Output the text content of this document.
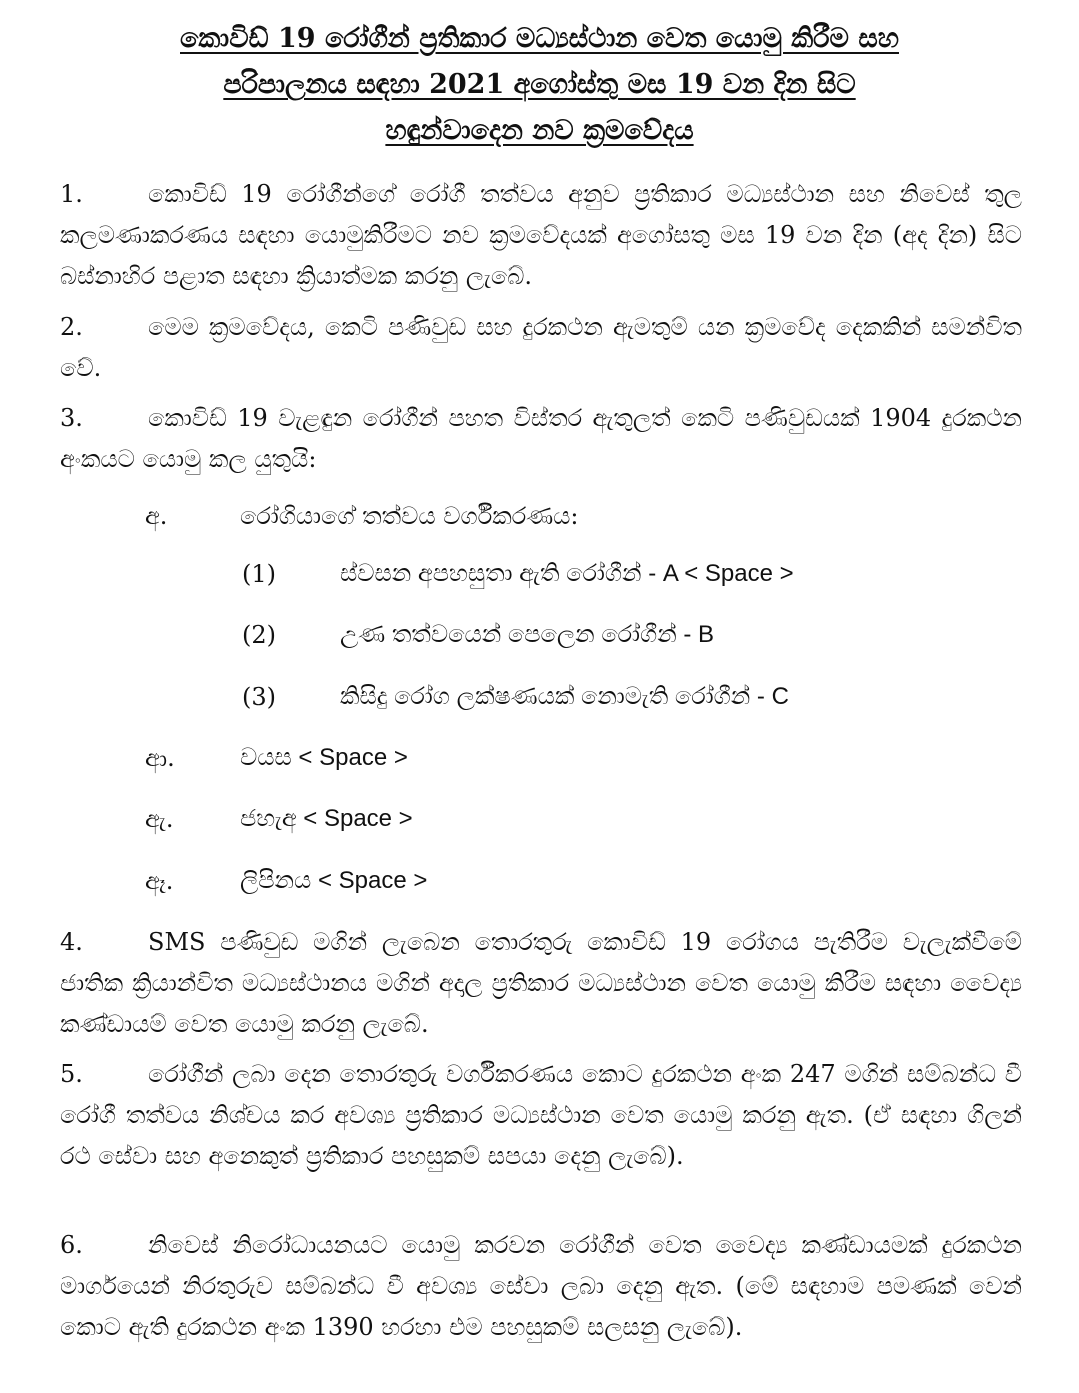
කොවිඩ් 19 රෝගීන් ප්‍රතිකාර මධ්‍යස්ථාන වෙත යොමු කිරීම සහ
පරිපාලනය සඳහා 2021 අගෝස්තු මස 19 වන දින සිට
හඳුන්වාදෙන නව ක්‍රමවේදය
1.	කොවිඩ් 19 රෝගීන්ගේ රෝගී තත්වය අනුව ප්‍රතිකාර මධ්‍යස්ථාන සහ නිවෙස් තුල කලමණාකරණය සඳහා යොමුකිරීමට නව ක්‍රමවේදයක් අගෝසතු මස 19 වන දින (අද දින) සිට බස්නාහිර පළාත සඳහා ක්‍රියාත්මක කරනු ලැබේ.
2.	මෙම ක්‍රමවේදය, කෙටි පණිවුඩ සහ දුරකථන ඇමතුම් යන ක්‍රමවේද දෙකකින් සමන්විත වේ.
3.	කොවිඩ් 19 වැළඳුන රෝගීන් පහත විස්තර ඇතුලත් කෙටි පණිවුඩයක් 1904 දුරකථන අංකයට යොමු කල යුතුයි:
අ.	රෝගියාගේ තත්වය වර්ගීකරණය:
(1)	ස්වසන අපහසුතා ඇති රෝගීන් - A < Space >
(2)	උණ තත්වයෙන් පෙලෙන රෝගීන් - B
(3)	කිසිදු රෝග ලක්ෂණයක් නොමැති රෝගීන් - C
ආ.	වයස < Space >
ඇ.	ජහැඅ < Space >
ඈ.	ලිපිනය < Space >
4.	SMS පණිවුඩ මගින් ලැබෙන තොරතුරු කොවිඩ් 19 රෝගය පැතිරීම වැලැක්වීමේ ජාතික ක්‍රියාන්විත මධ්‍යස්ථානය මගින් අදාල ප්‍රතිකාර මධ්‍යස්ථාන වෙත යොමු කිරීම සඳහා වෛද්‍ය කණ්ඩායම් වෙත යොමු කරනු ලැබේ.
5.	රෝගීන් ලබා දෙන තොරතුරු වර්ගීකරණය කොට දුරකථන අංක 247 මගින් සම්බන්ධ වී රෝගී තත්වය නිශ්චය කර අවශ්‍ය ප්‍රතිකාර මධ්‍යස්ථාන වෙත යොමු කරනු ඇත. (ඒ සඳහා ගිලන් රථ සේවා සහ අනෙකුත් ප්‍රතිකාර පහසුකම් සපයා දෙනු ලැබේ).
6.	නිවෙස් නිරෝධායනයට යොමු කරවන රෝගීන් වෙත වෛද්‍ය කණ්ඩායමක් දුරකථන මාර්ගයෙන් නිරතුරුව සම්බන්ධ වී අවශ්‍ය සේවා ලබා දෙනු ඇත. (මේ සඳහාම පමණක් වෙන් කොට ඇති දුරකථන අංක 1390 හරහා එම පහසුකම් සලසනු ලැබේ).
